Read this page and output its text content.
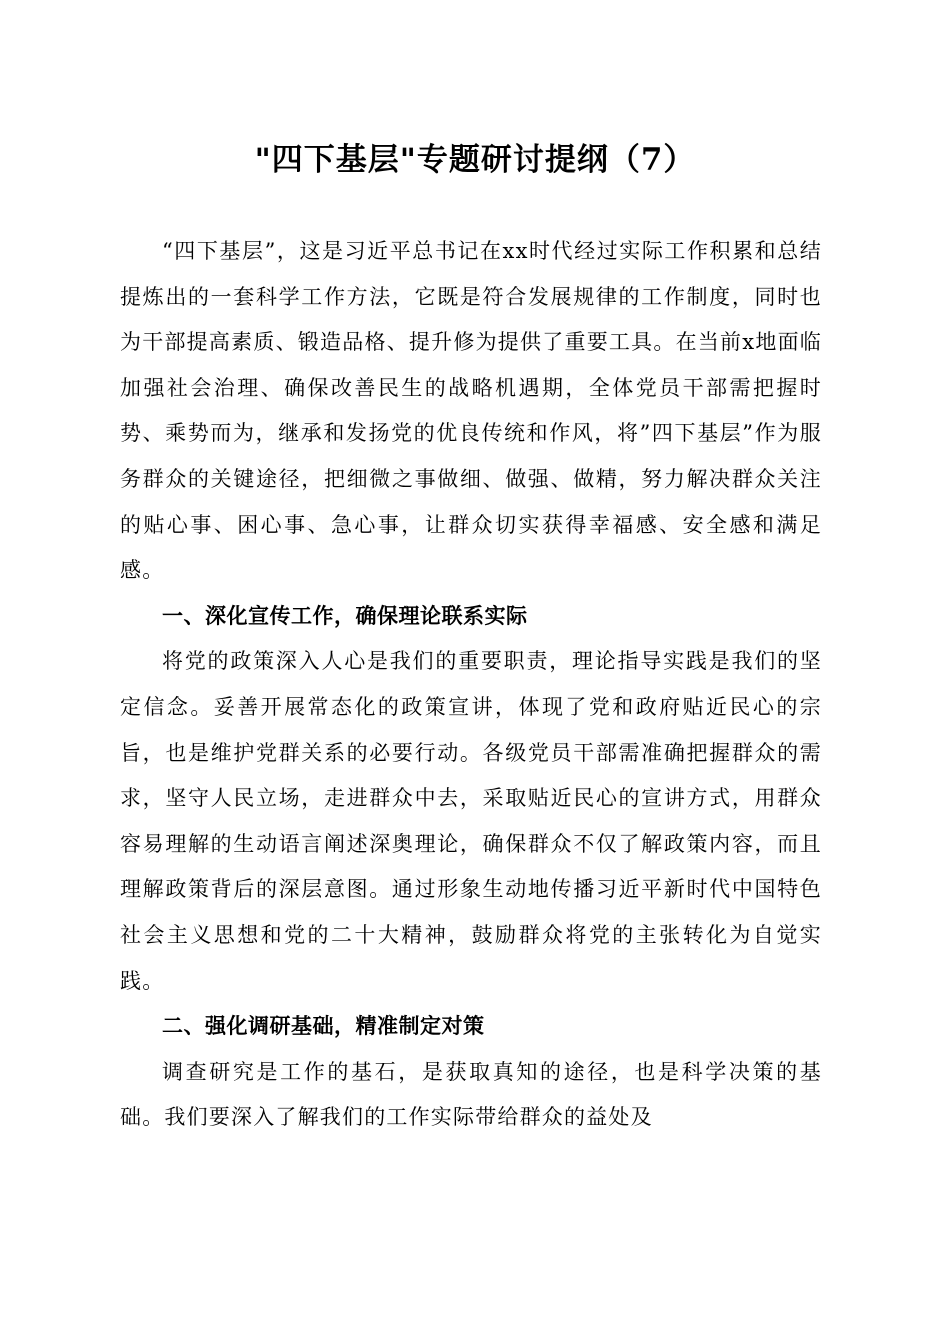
"四下基层"专题研讨提纲（7）

“四下基层”，这是习近平总书记在xx时代经过实际工作积累和总结提炼出的一套科学工作方法，它既是符合发展规律的工作制度，同时也为干部提高素质、锻造品格、提升修为提供了重要工具。在当前x地面临加强社会治理、确保改善民生的战略机遇期，全体党员干部需把握时势、乘势而为，继承和发扬党的优良传统和作风，将”四下基层”作为服务群众的关键途径，把细微之事做细、做强、做精，努力解决群众关注的贴心事、困心事、急心事，让群众切实获得幸福感、安全感和满足感。

一、深化宣传工作，确保理论联系实际

将党的政策深入人心是我们的重要职责，理论指导实践是我们的坚定信念。妥善开展常态化的政策宣讲，体现了党和政府贴近民心的宗旨，也是维护党群关系的必要行动。各级党员干部需准确把握群众的需求，坚守人民立场，走进群众中去，采取贴近民心的宣讲方式，用群众容易理解的生动语言阐述深奥理论，确保群众不仅了解政策内容，而且理解政策背后的深层意图。通过形象生动地传播习近平新时代中国特色社会主义思想和党的二十大精神，鼓励群众将党的主张转化为自觉实践。

二、强化调研基础，精准制定对策

调查研究是工作的基石，是获取真知的途径，也是科学决策的基础。我们要深入了解我们的工作实际带给群众的益处及
